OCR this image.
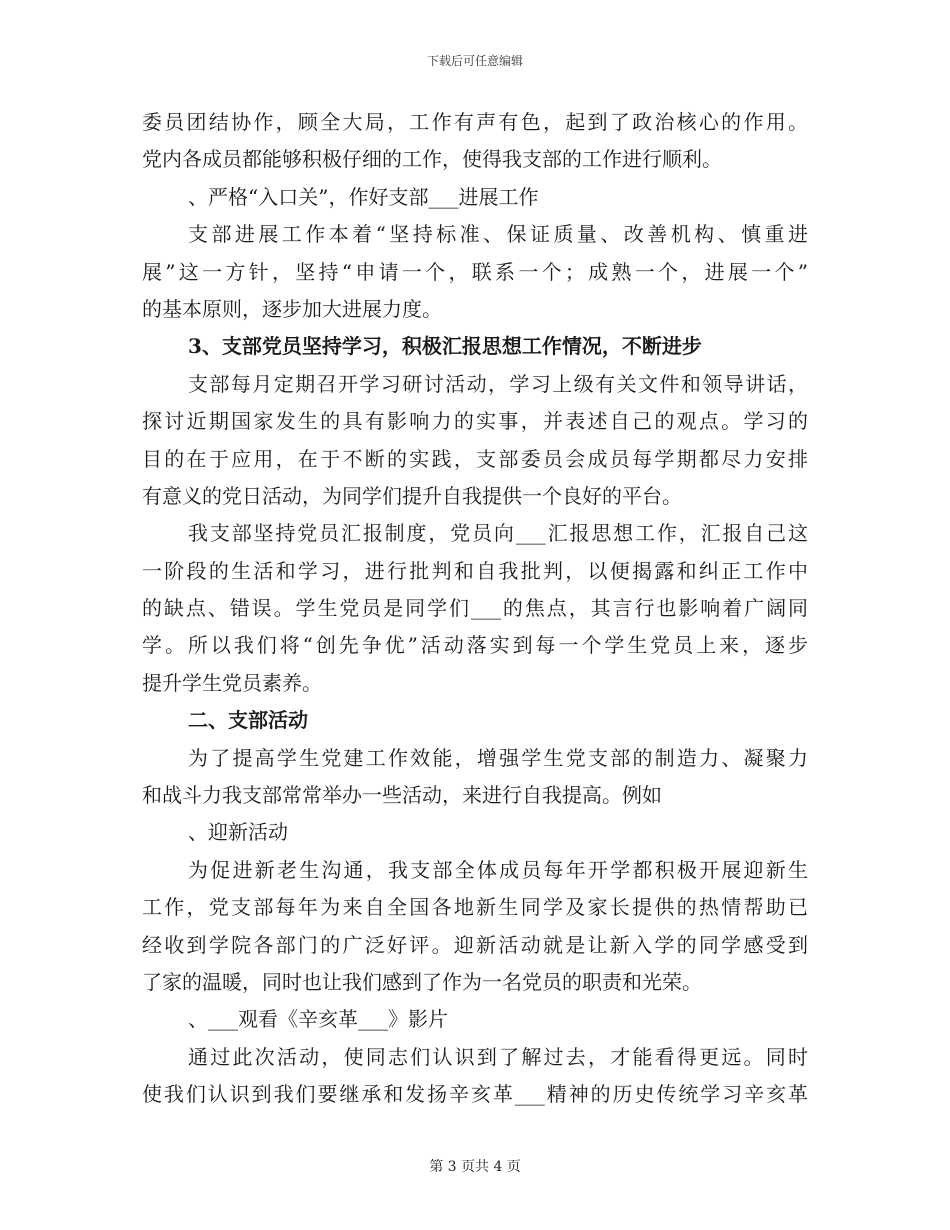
下载后可任意编辑
委员团结协作，顾全大局，工作有声有色，起到了政治核心的作用。
党内各成员都能够积极仔细的工作，使得我支部的工作进行顺利。
、严格“入口关”，作好支部___进展工作
支部进展工作本着“坚持标准、保证质量、改善机构、慎重进
展”这一方针，坚持“申请一个，联系一个；成熟一个，进展一个”
的基本原则，逐步加大进展力度。
3、支部党员坚持学习，积极汇报思想工作情况，不断进步
支部每月定期召开学习研讨活动，学习上级有关文件和领导讲话，
探讨近期国家发生的具有影响力的实事，并表述自己的观点。学习的
目的在于应用，在于不断的实践，支部委员会成员每学期都尽力安排
有意义的党日活动，为同学们提升自我提供一个良好的平台。
我支部坚持党员汇报制度，党员向___汇报思想工作，汇报自己这
一阶段的生活和学习，进行批判和自我批判，以便揭露和纠正工作中
的缺点、错误。学生党员是同学们___的焦点，其言行也影响着广阔同
学。所以我们将“创先争优”活动落实到每一个学生党员上来，逐步
提升学生党员素养。
二、支部活动
为了提高学生党建工作效能，增强学生党支部的制造力、凝聚力
和战斗力我支部常常举办一些活动，来进行自我提高。例如
、迎新活动
为促进新老生沟通，我支部全体成员每年开学都积极开展迎新生
工作，党支部每年为来自全国各地新生同学及家长提供的热情帮助已
经收到学院各部门的广泛好评。迎新活动就是让新入学的同学感受到
了家的温暖，同时也让我们感到了作为一名党员的职责和光荣。
、___观看《辛亥革___》影片
通过此次活动，使同志们认识到了解过去，才能看得更远。同时
使我们认识到我们要继承和发扬辛亥革___精神的历史传统学习辛亥革
第 3 页共 4 页
